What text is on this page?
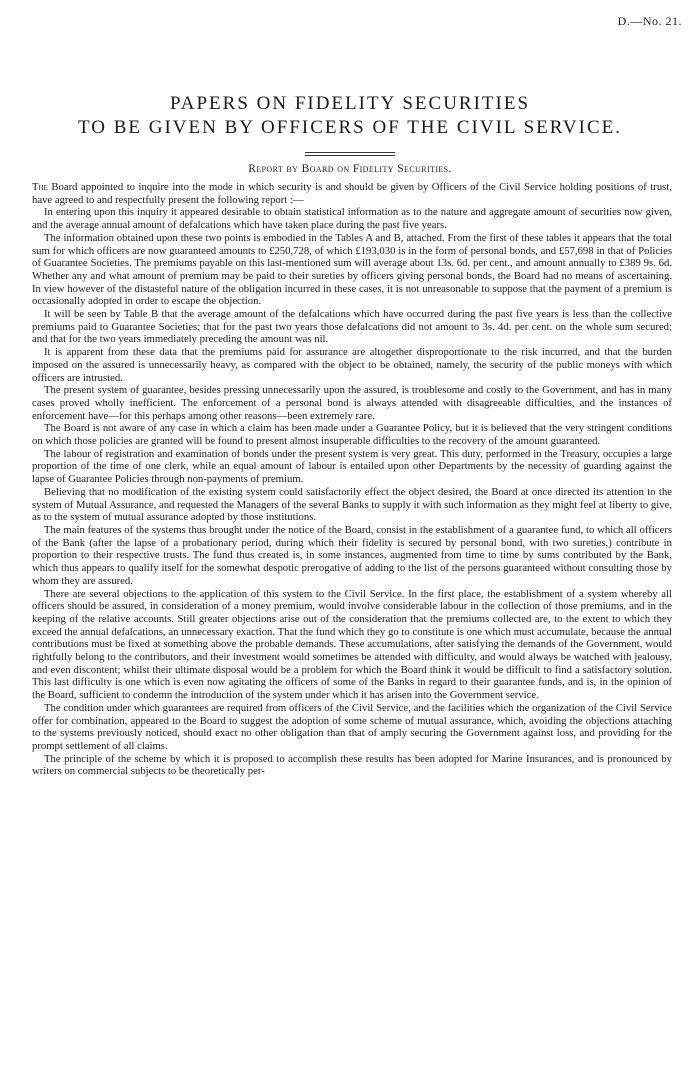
D.—No. 21.
PAPERS ON FIDELITY SECURITIES
TO BE GIVEN BY OFFICERS OF THE CIVIL SERVICE.
Report by Board on Fidelity Securities.

The Board appointed to inquire into the mode in which security is and should be given by Officers of the Civil Service holding positions of trust, have agreed to and respectfully present the following report :—

In entering upon this inquiry it appeared desirable to obtain statistical information as to the nature and aggregate amount of securities now given, and the average annual amount of defalcations which have taken place during the past five years.

The information obtained upon these two points is embodied in the Tables A and B, attached. From the first of these tables it appears that the total sum for which officers are now guaranteed amounts to £250,728, of which £193,030 is in the form of personal bonds, and £57,698 in that of Policies of Guarantee Societies. The premiums payable on this last-mentioned sum will average about 13s. 6d. per cent., and amount annually to £389 9s. 6d. Whether any and what amount of premium may be paid to their sureties by officers giving personal bonds, the Board had no means of ascertaining. In view however of the distasteful nature of the obligation incurred in these cases, it is not unreasonable to suppose that the payment of a premium is occasionally adopted in order to escape the objection.

It will be seen by Table B that the average amount of the defalcations which have occurred during the past five years is less than the collective premiums paid to Guarantee Societies; that for the past two years those defalcations did not amount to 3s. 4d. per cent. on the whole sum secured; and that for the two years immediately preceding the amount was nil.

It is apparent from these data that the premiums paid for assurance are altogether disproportionate to the risk incurred, and that the burden imposed on the assured is unnecessarily heavy, as compared with the object to be obtained, namely, the security of the public moneys with which officers are intrusted.

The present system of guarantee, besides pressing unnecessarily upon the assured, is troublesome and costly to the Government, and has in many cases proved wholly inefficient. The enforcement of a personal bond is always attended with disagreeable difficulties, and the instances of enforcement have—for this perhaps among other reasons—been extremely rare.

The Board is not aware of any case in which a claim has been made under a Guarantee Policy, but it is believed that the very stringent conditions on which those policies are granted will be found to present almost insuperable difficulties to the recovery of the amount guaranteed.

The labour of registration and examination of bonds under the present system is very great. This duty, performed in the Treasury, occupies a large proportion of the time of one clerk, while an equal amount of labour is entailed upon other Departments by the necessity of guarding against the lapse of Guarantee Policies through non-payments of premium.

Believing that no modification of the existing system could satisfactorily effect the object desired, the Board at once directed its attention to the system of Mutual Assurance, and requested the Managers of the several Banks to supply it with such information as they might feel at liberty to give, as to the system of mutual assurance adopted by those institutions.

The main features of the systems thus brought under the notice of the Board, consist in the establishment of a guarantee fund, to which all officers of the Bank (after the lapse of a probationary period, during which their fidelity is secured by personal bond, with two sureties,) contribute in proportion to their respective trusts. The fund thus created is, in some instances, augmented from time to time by sums contributed by the Bank, which thus appears to qualify itself for the somewhat despotic prerogative of adding to the list of the persons guaranteed without consulting those by whom they are assured.

There are several objections to the application of this system to the Civil Service. In the first place, the establishment of a system whereby all officers should be assured, in consideration of a money premium, would involve considerable labour in the collection of those premiums, and in the keeping of the relative accounts. Still greater objections arise out of the consideration that the premiums collected are, to the extent to which they exceed the annual defalcations, an unnecessary exaction. That the fund which they go to constitute is one which must accumulate, because the annual contributions must be fixed at something above the probable demands. These accumulations, after satisfying the demands of the Government, would rightfully belong to the contributors, and their investment would sometimes be attended with difficulty, and would always be watched with jealousy, and even discontent; whilst their ultimate disposal would be a problem for which the Board think it would be difficult to find a satisfactory solution. This last difficulty is one which is even now agitating the officers of some of the Banks in regard to their guarantee funds, and is, in the opinion of the Board, sufficient to condemn the introduction of the system under which it has arisen into the Government service.

The condition under which guarantees are required from officers of the Civil Service, and the facilities which the organization of the Civil Service offer for combination, appeared to the Board to suggest the adoption of some scheme of mutual assurance, which, avoiding the objections attaching to the systems previously noticed, should exact no other obligation than that of amply securing the Government against loss, and providing for the prompt settlement of all claims.

The principle of the scheme by which it is proposed to accomplish these results has been adopted for Marine Insurances, and is pronounced by writers on commercial subjects to be theoretically per-
